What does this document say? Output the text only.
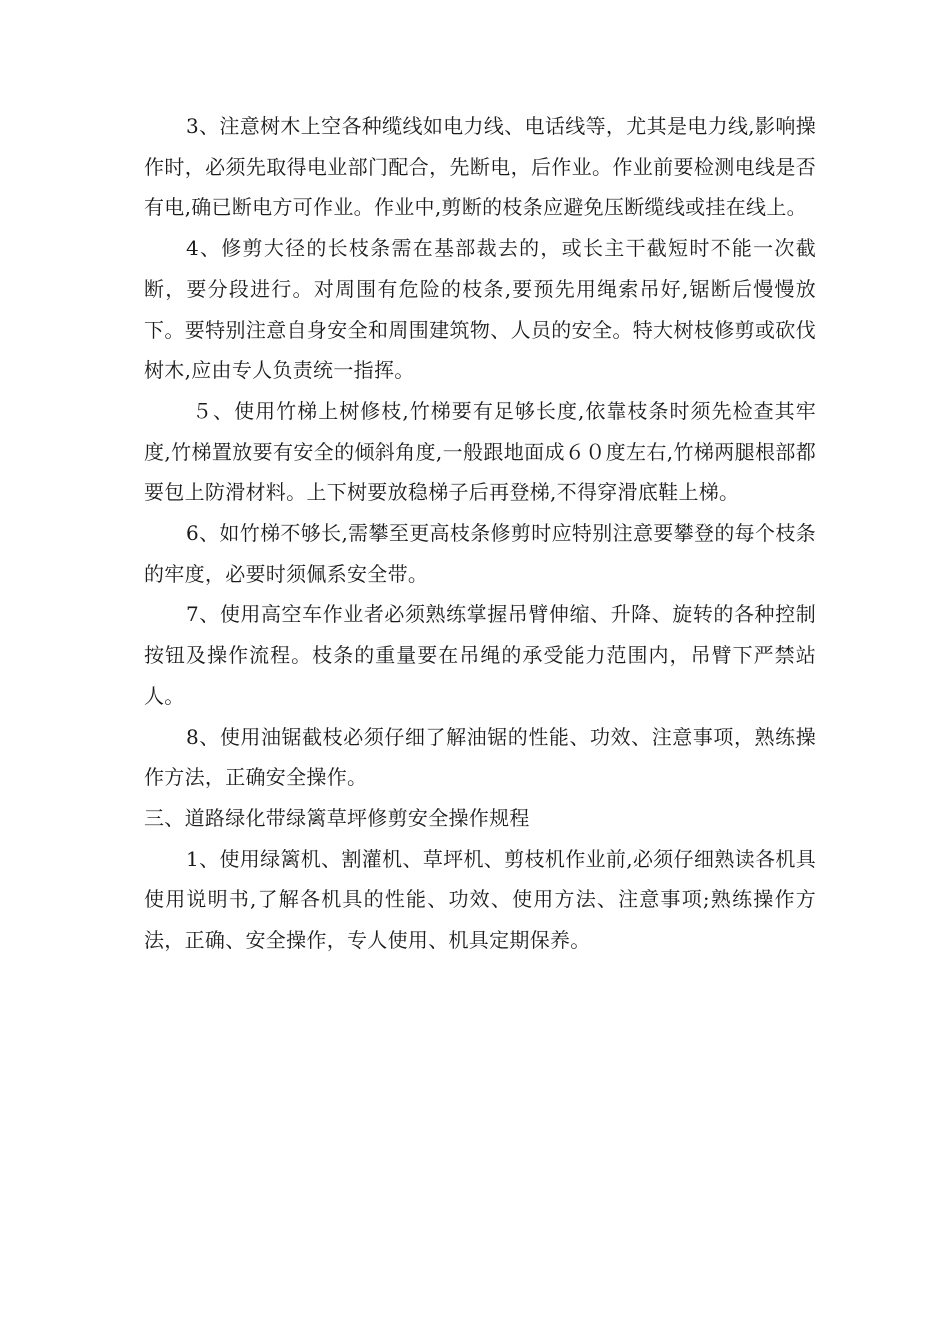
3、注意树木上空各种缆线如电力线、电话线等，尤其是电力线,影响操作时，必须先取得电业部门配合，先断电，后作业。作业前要检测电线是否有电,确已断电方可作业。作业中,剪断的枝条应避免压断缆线或挂在线上。

4、修剪大径的长枝条需在基部裁去的，或长主干截短时不能一次截断，要分段进行。对周围有危险的枝条,要预先用绳索吊好,锯断后慢慢放下。要特别注意自身安全和周围建筑物、人员的安全。特大树枝修剪或砍伐树木,应由专人负责统一指挥。

５、使用竹梯上树修枝,竹梯要有足够长度,依靠枝条时须先检查其牢度,竹梯置放要有安全的倾斜角度,一般跟地面成６０度左右,竹梯两腿根部都要包上防滑材料。上下树要放稳梯子后再登梯,不得穿滑底鞋上梯。

6、如竹梯不够长,需攀至更高枝条修剪时应特别注意要攀登的每个枝条的牢度，必要时须佩系安全带。

7、使用高空车作业者必须熟练掌握吊臂伸缩、升降、旋转的各种控制按钮及操作流程。枝条的重量要在吊绳的承受能力范围内，吊臂下严禁站人。

8、使用油锯截枝必须仔细了解油锯的性能、功效、注意事项，熟练操作方法，正确安全操作。

三、道路绿化带绿篱草坪修剪安全操作规程

1、使用绿篱机、割灌机、草坪机、剪枝机作业前,必须仔细熟读各机具使用说明书,了解各机具的性能、功效、使用方法、注意事项;熟练操作方法，正确、安全操作，专人使用、机具定期保养。
